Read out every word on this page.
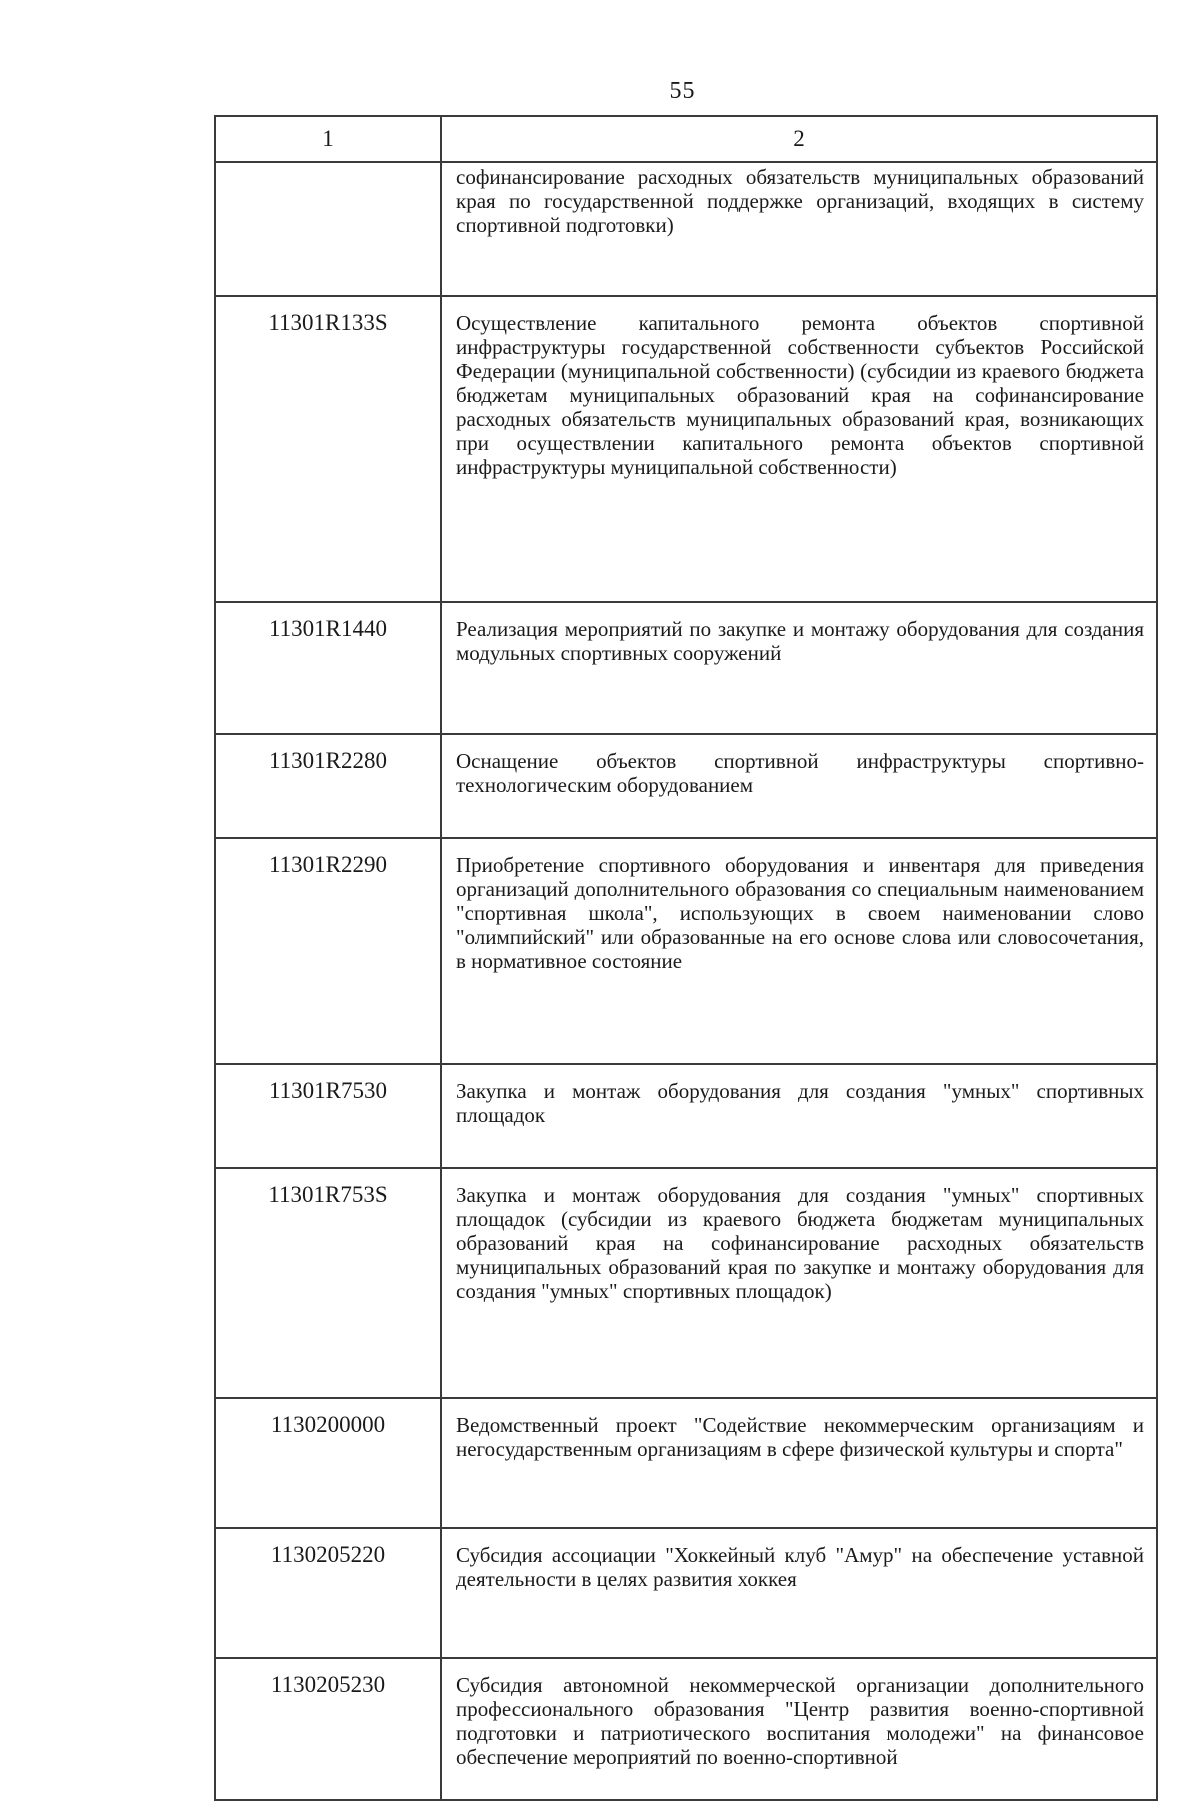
55
1	2

	софинансирование расходных обязательств муниципальных образований края по государственной поддержке организаций, входящих в систему спортивной подготовки)

11301R133S	Осуществление капитального ремонта объектов спортивной инфраструктуры государственной собственности субъектов Российской Федерации (муниципальной собственности) (субсидии из краевого бюджета бюджетам муниципальных образований края на софинансирование расходных обязательств муниципальных образований края, возникающих при осуществлении капитального ремонта объектов спортивной инфраструктуры муниципальной собственности)

11301R1440	Реализация мероприятий по закупке и монтажу оборудования для создания модульных спортивных сооружений

11301R2280	Оснащение объектов спортивной инфраструктуры спортивно-технологическим оборудованием

11301R2290	Приобретение спортивного оборудования и инвентаря для приведения организаций дополнительного образования со специальным наименованием "спортивная школа", использующих в своем наименовании слово "олимпийский" или образованные на его основе слова или словосочетания, в нормативное состояние

11301R7530	Закупка и монтаж оборудования для создания "умных" спортивных площадок

11301R753S	Закупка и монтаж оборудования для создания "умных" спортивных площадок (субсидии из краевого бюджета бюджетам муниципальных образований края на софинансирование расходных обязательств муниципальных образований края по закупке и монтажу оборудования для создания "умных" спортивных площадок)

1130200000	Ведомственный проект "Содействие некоммерческим организациям и негосударственным организациям в сфере физической культуры и спорта"

1130205220	Субсидия ассоциации "Хоккейный клуб "Амур" на обеспечение уставной деятельности в целях развития хоккея

1130205230	Субсидия автономной некоммерческой организации дополнительного профессионального образования "Центр развития военно-спортивной подготовки и патриотического воспитания молодежи" на финансовое обеспечение мероприятий по военно-спортивной
